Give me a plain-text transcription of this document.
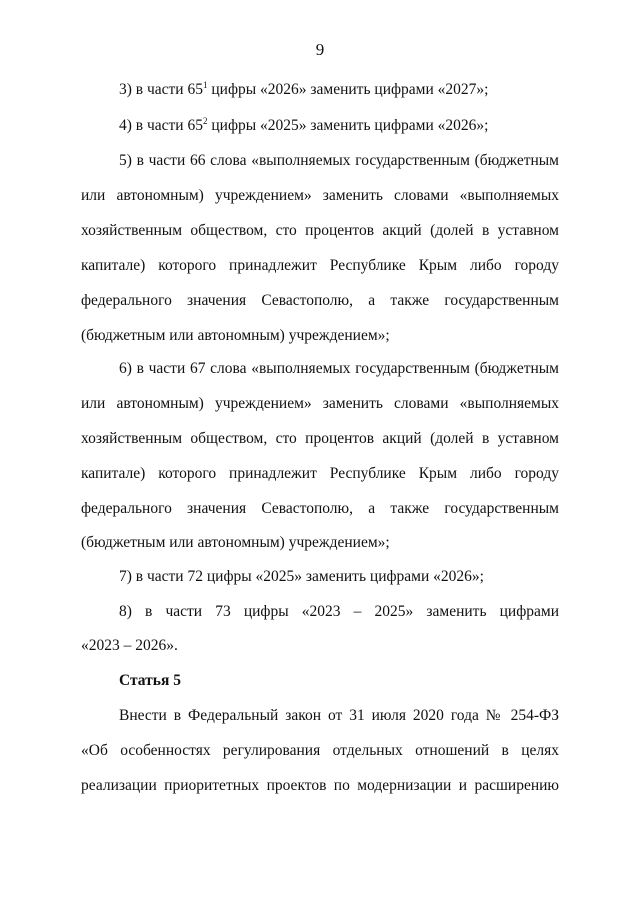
9
3) в части $65^1$ цифры «2026» заменить цифрами «2027»;
4) в части $65^2$ цифры «2025» заменить цифрами «2026»;
5) в части 66 слова «выполняемых государственным (бюджетным
или автономным) учреждением» заменить словами «выполняемых
хозяйственным обществом, сто процентов акций (долей в уставном
капитале) которого принадлежит Республике Крым либо городу
федерального значения Севастополю, а также государственным
(бюджетным или автономным) учреждением»;
6) в части 67 слова «выполняемых государственным (бюджетным
или автономным) учреждением» заменить словами «выполняемых
хозяйственным обществом, сто процентов акций (долей в уставном
капитале) которого принадлежит Республике Крым либо городу
федерального значения Севастополю, а также государственным
(бюджетным или автономным) учреждением»;
7) в части 72 цифры «2025» заменить цифрами «2026»;
8) в части 73 цифры «2023 – 2025» заменить цифрами
«2023 – 2026».
Статья 5
Внести в Федеральный закон от 31 июля 2020 года № 254-ФЗ
«Об особенностях регулирования отдельных отношений в целях
реализации приоритетных проектов по модернизации и расширению
